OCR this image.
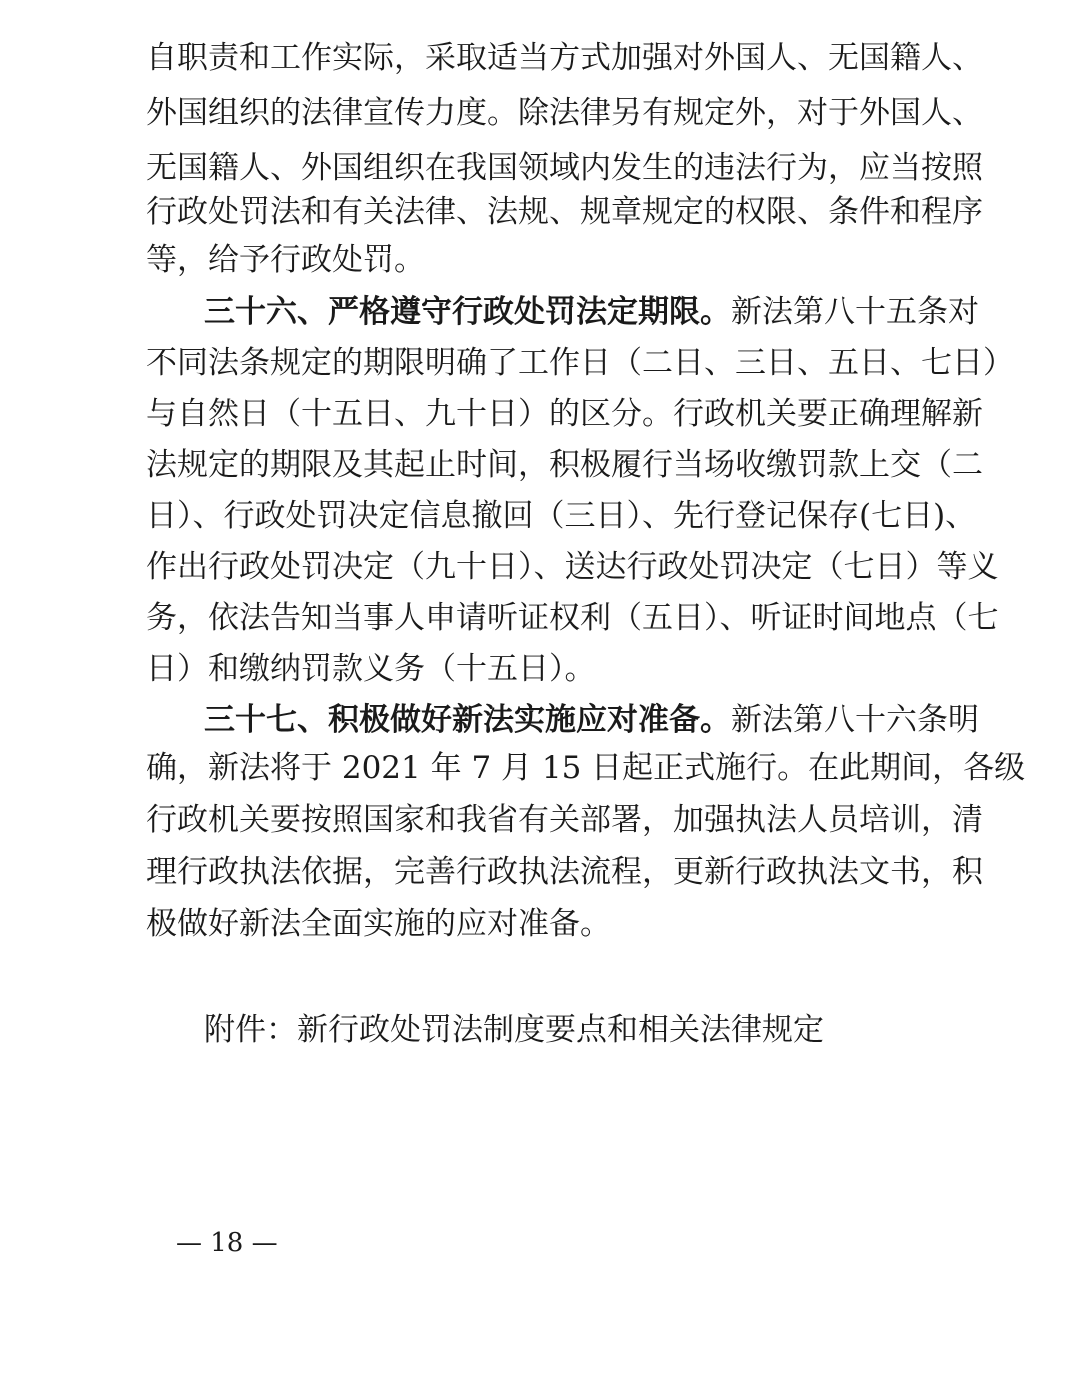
自职责和工作实际，采取适当方式加强对外国人、无国籍人、
外国组织的法律宣传力度。除法律另有规定外，对于外国人、
无国籍人、外国组织在我国领域内发生的违法行为，应当按照
行政处罚法和有关法律、法规、规章规定的权限、条件和程序
等，给予行政处罚。
三十六、严格遵守行政处罚法定期限。新法第八十五条对
不同法条规定的期限明确了工作日（二日、三日、五日、七日）
与自然日（十五日、九十日）的区分。行政机关要正确理解新
法规定的期限及其起止时间，积极履行当场收缴罚款上交（二
日）、行政处罚决定信息撤回（三日）、先行登记保存(七日)、
作出行政处罚决定（九十日）、送达行政处罚决定（七日）等义
务，依法告知当事人申请听证权利（五日）、听证时间地点（七
日）和缴纳罚款义务（十五日）。
三十七、积极做好新法实施应对准备。新法第八十六条明
确，新法将于 2021 年 7 月 15 日起正式施行。在此期间，各级
行政机关要按照国家和我省有关部署，加强执法人员培训，清
理行政执法依据，完善行政执法流程，更新行政执法文书，积
极做好新法全面实施的应对准备。
附件：新行政处罚法制度要点和相关法律规定
— 18 —
